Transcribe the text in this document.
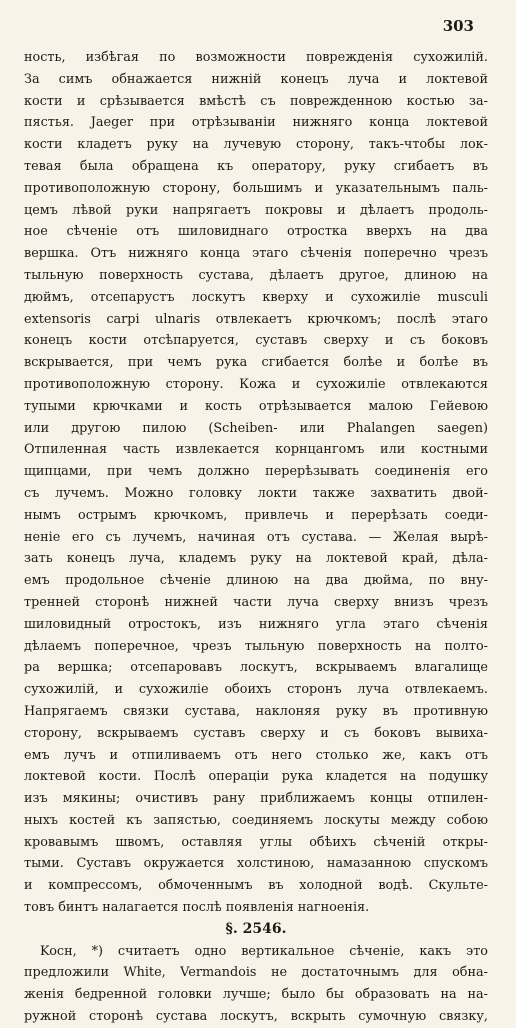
303
ность, избѣгая по возможности поврежденія сухожилій.
За симъ обнажается нижній конецъ луча и локтевой
кости и срѣзывается вмѣстѣ съ поврежденною костью за-
пястья. Jaeger при отрѣзываніи нижняго конца локтевой
кости кладетъ руку на лучевую сторону, такъ-чтобы лок-
тевая была обращена къ оператору, руку сгибаетъ въ
противоположную сторону, большимъ и указательнымъ паль-
цемъ лѣвой руки напрягаетъ покровы и дѣлаетъ продоль-
ное сѣченіе отъ шиловиднаго отростка вверхъ на два
вершка. Отъ нижняго конца этаго сѣченія поперечно чрезъ
тыльную поверхность сустава, дѣлаетъ другое, длиною на
дюймъ, отсепарустъ лоскутъ кверху и сухожиліе musculi
extensoris carpi ulnaris отвлекаетъ крючкомъ; послѣ этаго
конецъ кости отсѣпаруется, суставъ сверху и съ боковъ
вскрывается, при чемъ рука сгибается болѣе и болѣе въ
противоположную сторону. Кожа и сухожиліе отвлекаются
тупыми крючками и кость отрѣзывается малою Гейевою
или другою пилою (Scheiben- или Phalangen saegen)
Отпиленная часть извлекается корнцангомъ или костными
щипцами, при чемъ должно перерѣзывать соединенія его
съ лучемъ. Можно головку локти также захватить двой-
нымъ острымъ крючкомъ, привлечь и перерѣзать соеди-
неніе его съ лучемъ, начиная отъ сустава. — Желая вырѣ-
зать конецъ луча, кладемъ руку на локтевой край, дѣла-
емъ продольное сѣченіе длиною на два дюйма, по вну-
тренней сторонѣ нижней части луча сверху внизъ чрезъ
шиловидный отростокъ, изъ нижняго угла этаго сѣченія
дѣлаемъ поперечное, чрезъ тыльную поверхность на полто-
ра вершка; отсепаровавъ лоскутъ, вскрываемъ влагалище
сухожилій, и сухожиліе обоихъ сторонъ луча отвлекаемъ.
Напрягаемъ связки сустава, наклоняя руку въ противную
сторону, вскрываемъ суставъ сверху и съ боковъ вывиха-
емъ лучъ и отпиливаемъ отъ него столько же, какъ отъ
локтевой кости. Послѣ операціи рука кладется на подушку
изъ мякины; очистивъ рану приближаемъ концы отпилен-
ныхъ костей къ запястью, соединяемъ лоскуты между собою
кровавымъ швомъ, оставляя углы обѣихъ сѣченій откры-
тыми. Суставъ окружается холстиною, намазанною спускомъ
и компрессомъ, обмоченнымъ въ холодной водѣ. Скульте-
товъ бинтъ налагается послѣ появленія нагноенія.
§. 2546.
Kocн, *) считаетъ одно вертикальное сѣченіе, какъ это
предложили White, Vermandois не достаточнымъ для обна-
женія бедренной головки лучше; было бы образовать на на-
ружной сторонѣ сустава лоскутъ, вскрыть сумочную связку,
